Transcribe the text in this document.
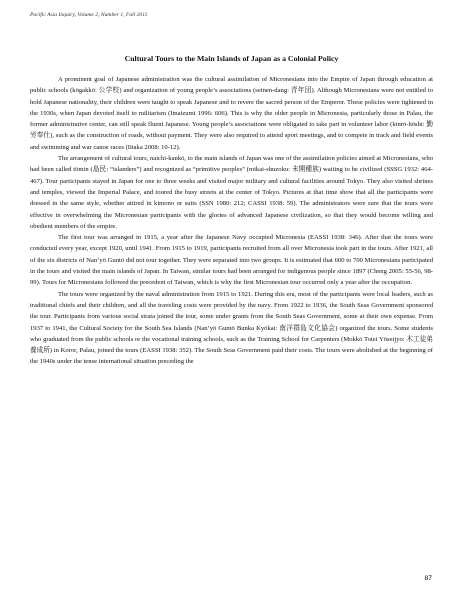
Pacific Asia Inquiry, Volume 2, Number 1, Fall 2011
Cultural Tours to the Main Islands of Japan as a Colonial Policy

A prominent goal of Japanese administration was the cultural assimilation of Micronesians into the Empire of Japan through education at public schools (kōgakkō: 公学校) and organization of young people’s associations (seinen-dang: 青年団). Although Micronesians were not entitled to hold Japanese nationality, their children were taught to speak Japanese and to revere the sacred person of the Emperor. These policies were tightened in the 1930s, when Japan devoted itself to militarism (Imaizumi 1996: 606). This is why the older people in Micronesia, particularly those in Palau, the former administrative center, can still speak fluent Japanese. Young people’s associations were obligated to take part in volunteer labor (kinrō-hōshi: 勤労奉仕), such as the construction of roads, without payment. They were also required to attend sport meetings, and to compete in track and field events and swimming and war canoe races (Iitaka 2008: 10-12).

The arrangement of cultural tours, naichi-kankō, to the main islands of Japan was one of the assimilation policies aimed at Micronesians, who had been called tōmin (島民: “islanders”) and recognized as “primitive peoples” (mikai-shuzoku: 未開種族) waiting to be civilized (SSSG 1932: 464-467). Tour participants stayed in Japan for one to three weeks and visited major military and cultural facilities around Tokyo. They also visited shrines and temples, viewed the Imperial Palace, and toured the busy streets at the center of Tokyo. Pictures at that time show that all the participants were dressed in the same style, whether attired in kimono or suits (SSN 1980: 212; CASSI 1938: 59). The administrators were sure that the tours were effective in overwhelming the Micronesian participants with the glories of advanced Japanese civilization, so that they would become willing and obedient members of the empire.

The first tour was arranged in 1915, a year after the Japanese Navy occupied Micronesia (EASSI 1938: 346). After that the tours were conducted every year, except 1920, until 1941. From 1915 to 1919, participants recruited from all over Micronesia took part in the tours. After 1921, all of the six districts of Nan’yō Guntō did not tour together. They were separated into two groups. It is estimated that 600 to 700 Micronesians participated in the tours and visited the main islands of Japan. In Taiwan, similar tours had been arranged for indigenous people since 1897 (Cheng 2005: 55-56, 98-99). Tours for Micronesians followed the precedent of Taiwan, which is why the first Micronesian tour occurred only a year after the occupation.

The tours were organized by the naval administration from 1915 to 1921. During this era, most of the participants were local leaders, such as traditional chiefs and their children, and all the traveling costs were provided by the navy. From 1922 to 1936, the South Seas Government sponsored the tour. Participants from various social strata joined the tour, some under grants from the South Seas Government, some at their own expense. From 1937 to 1941, the Cultural Society for the South Sea Islands (Nan’yō Guntō Bunka Kyōkai: 南洋群島文化協会) organized the tours. Some students who graduated from the public schools or the vocational training schools, such as the Training School for Carpenters (Mokkō Totei Yōseijyo: 木工徒弟養成所) in Koror, Palau, joined the tours (EASSI 1938: 352). The South Seas Government paid their costs. The tours were abolished at the beginning of the 1940s under the tense international situation preceding the

87
